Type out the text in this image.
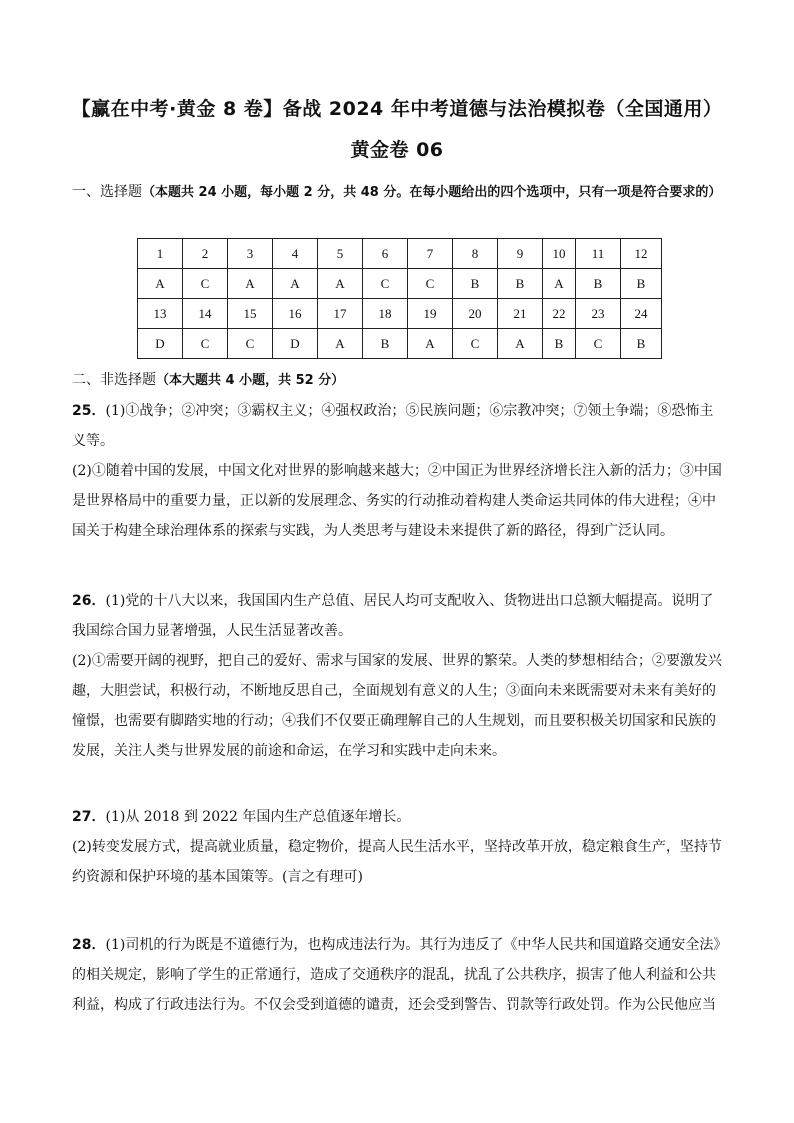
【赢在中考·黄金 8 卷】备战 2024 年中考道德与法治模拟卷（全国通用）
黄金卷 06
一、选择题（本题共 24 小题，每小题 2 分，共 48 分。在每小题给出的四个选项中，只有一项是符合要求的）
1	2	3	4	5	6	7	8	9	10	11	12
A	C	A	A	A	C	C	B	B	A	B	B
13	14	15	16	17	18	19	20	21	22	23	24
D	C	C	D	A	B	A	C	A	B	C	B
二、非选择题（本大题共 4 小题，共 52 分）

25．(1)①战争；②冲突；③霸权主义；④强权政治；⑤民族问题；⑥宗教冲突；⑦领土争端；⑧恐怖主义等。

(2)①随着中国的发展，中国文化对世界的影响越来越大；②中国正为世界经济增长注入新的活力；③中国是世界格局中的重要力量，正以新的发展理念、务实的行动推动着构建人类命运共同体的伟大进程；④中国关于构建全球治理体系的探索与实践，为人类思考与建设未来提供了新的路径，得到广泛认同。

26．(1)党的十八大以来，我国国内生产总值、居民人均可支配收入、货物进出口总额大幅提高。说明了我国综合国力显著增强，人民生活显著改善。

(2)①需要开阔的视野，把自己的爱好、需求与国家的发展、世界的繁荣。人类的梦想相结合；②要激发兴趣，大胆尝试，积极行动，不断地反思自己，全面规划有意义的人生；③面向未来既需要对未来有美好的憧憬，也需要有脚踏实地的行动；④我们不仅要正确理解自己的人生规划，而且要积极关切国家和民族的发展，关注人类与世界发展的前途和命运，在学习和实践中走向未来。

27．(1)从 2018 到 2022 年国内生产总值逐年增长。

(2)转变发展方式，提高就业质量，稳定物价，提高人民生活水平，坚持改革开放，稳定粮食生产，坚持节约资源和保护环境的基本国策等。(言之有理可)

28．(1)司机的行为既是不道德行为，也构成违法行为。其行为违反了《中华人民共和国道路交通安全法》的相关规定，影响了学生的正常通行，造成了交通秩序的混乱，扰乱了公共秩序，损害了他人利益和公共利益，构成了行政违法行为。不仅会受到道德的谴责，还会受到警告、罚款等行政处罚。作为公民他应当
